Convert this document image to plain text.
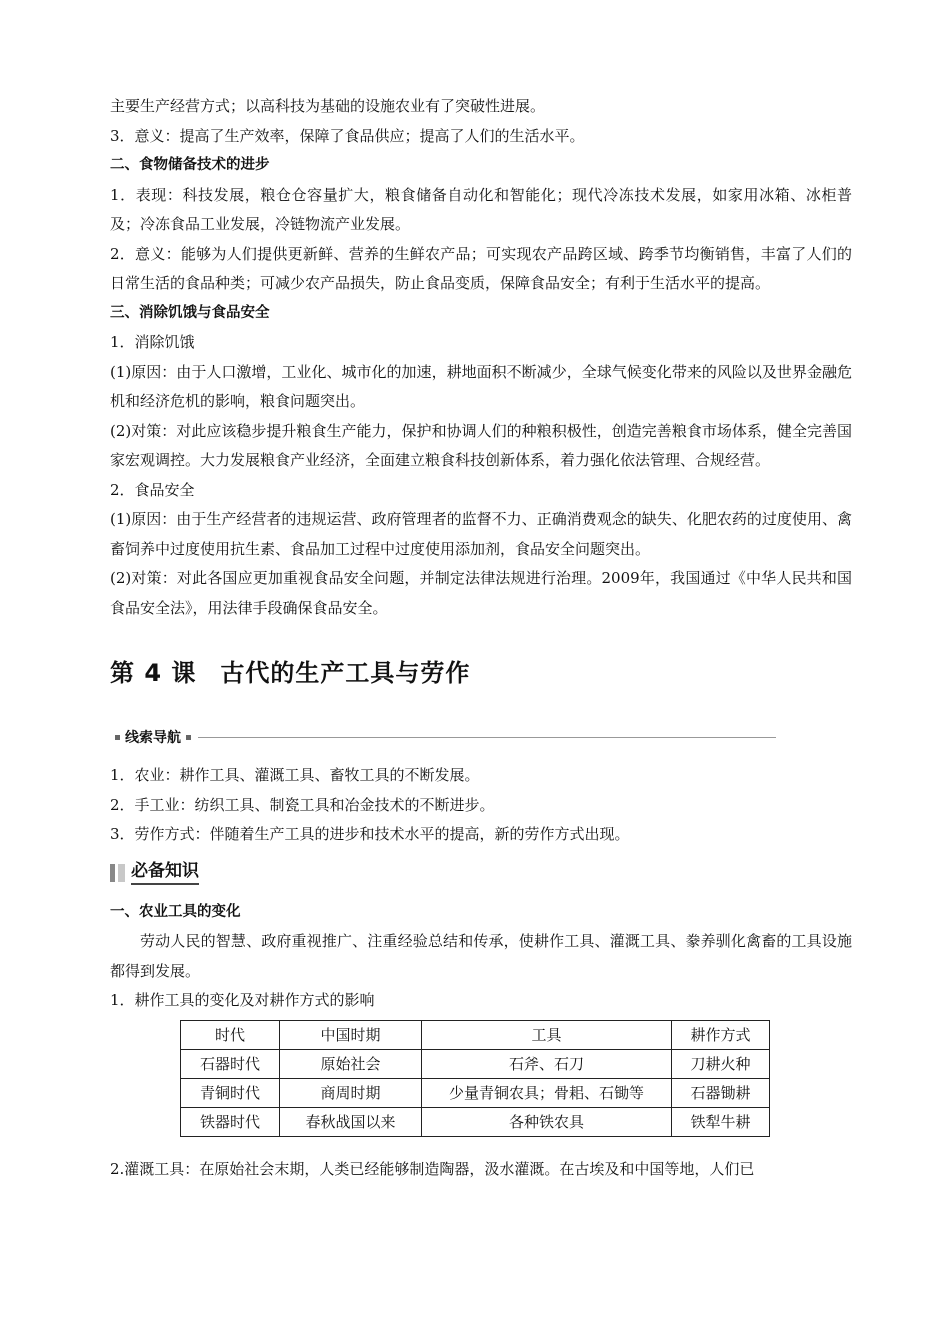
主要生产经营方式；以高科技为基础的设施农业有了突破性进展。

3．意义：提高了生产效率，保障了食品供应；提高了人们的生活水平。

二、食物储备技术的进步

1．表现：科技发展，粮仓仓容量扩大，粮食储备自动化和智能化；现代冷冻技术发展，如家用冰箱、冰柜普及；冷冻食品工业发展，冷链物流产业发展。

2．意义：能够为人们提供更新鲜、营养的生鲜农产品；可实现农产品跨区域、跨季节均衡销售，丰富了人们的日常生活的食品种类；可减少农产品损失，防止食品变质，保障食品安全；有利于生活水平的提高。

三、消除饥饿与食品安全

1．消除饥饿

(1)原因：由于人口激增，工业化、城市化的加速，耕地面积不断减少，全球气候变化带来的风险以及世界金融危机和经济危机的影响，粮食问题突出。

(2)对策：对此应该稳步提升粮食生产能力，保护和协调人们的种粮积极性，创造完善粮食市场体系，健全完善国家宏观调控。大力发展粮食产业经济，全面建立粮食科技创新体系，着力强化依法管理、合规经营。

2．食品安全

(1)原因：由于生产经营者的违规运营、政府管理者的监督不力、正确消费观念的缺失、化肥农药的过度使用、禽畜饲养中过度使用抗生素、食品加工过程中过度使用添加剂，食品安全问题突出。

(2)对策：对此各国应更加重视食品安全问题，并制定法律法规进行治理。2009年，我国通过《中华人民共和国食品安全法》，用法律手段确保食品安全。

第 4 课 古代的生产工具与劳作
线索导航

1．农业：耕作工具、灌溉工具、畜牧工具的不断发展。

2．手工业：纺织工具、制瓷工具和冶金技术的不断进步。

3．劳作方式：伴随着生产工具的进步和技术水平的提高，新的劳作方式出现。

必备知识

一、农业工具的变化

劳动人民的智慧、政府重视推广、注重经验总结和传承，使耕作工具、灌溉工具、豢养驯化禽畜的工具设施都得到发展。

1．耕作工具的变化及对耕作方式的影响

时代	中国时期	工具	耕作方式
石器时代	原始社会	石斧、石刀	刀耕火种
青铜时代	商周时期	少量青铜农具；骨耜、石锄等	石器锄耕
铁器时代	春秋战国以来	各种铁农具	铁犁牛耕

2.灌溉工具：在原始社会末期，人类已经能够制造陶器，汲水灌溉。在古埃及和中国等地，人们已
